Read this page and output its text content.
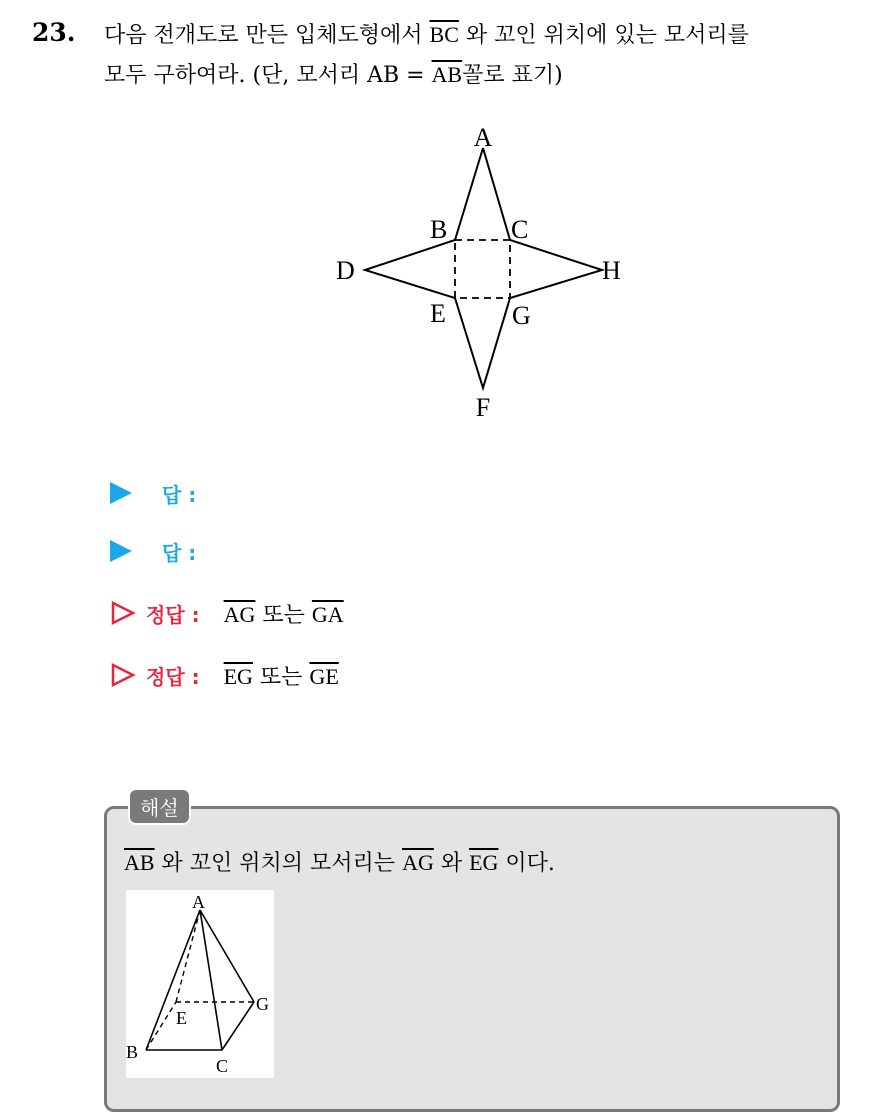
23. 다음 전개도로 만든 입체도형에서 $\overline{BC}$ 와 꼬인 위치에 있는 모서리를
모두 구하여라. (단, 모서리 AB = $\overline{AB}$꼴로 표기)
A
B C
D
E
F
G
H
답 :
답 :
정답 : $\overline{AG}$ 또는 $\overline{GA}$
정답 : $\overline{EG}$ 또는 $\overline{GE}$
해설
$\overline{AB}$ 와 꼬인 위치의 모서리는 $\overline{AG}$ 와 $\overline{EG}$ 이다.
A
B
C
E
G
